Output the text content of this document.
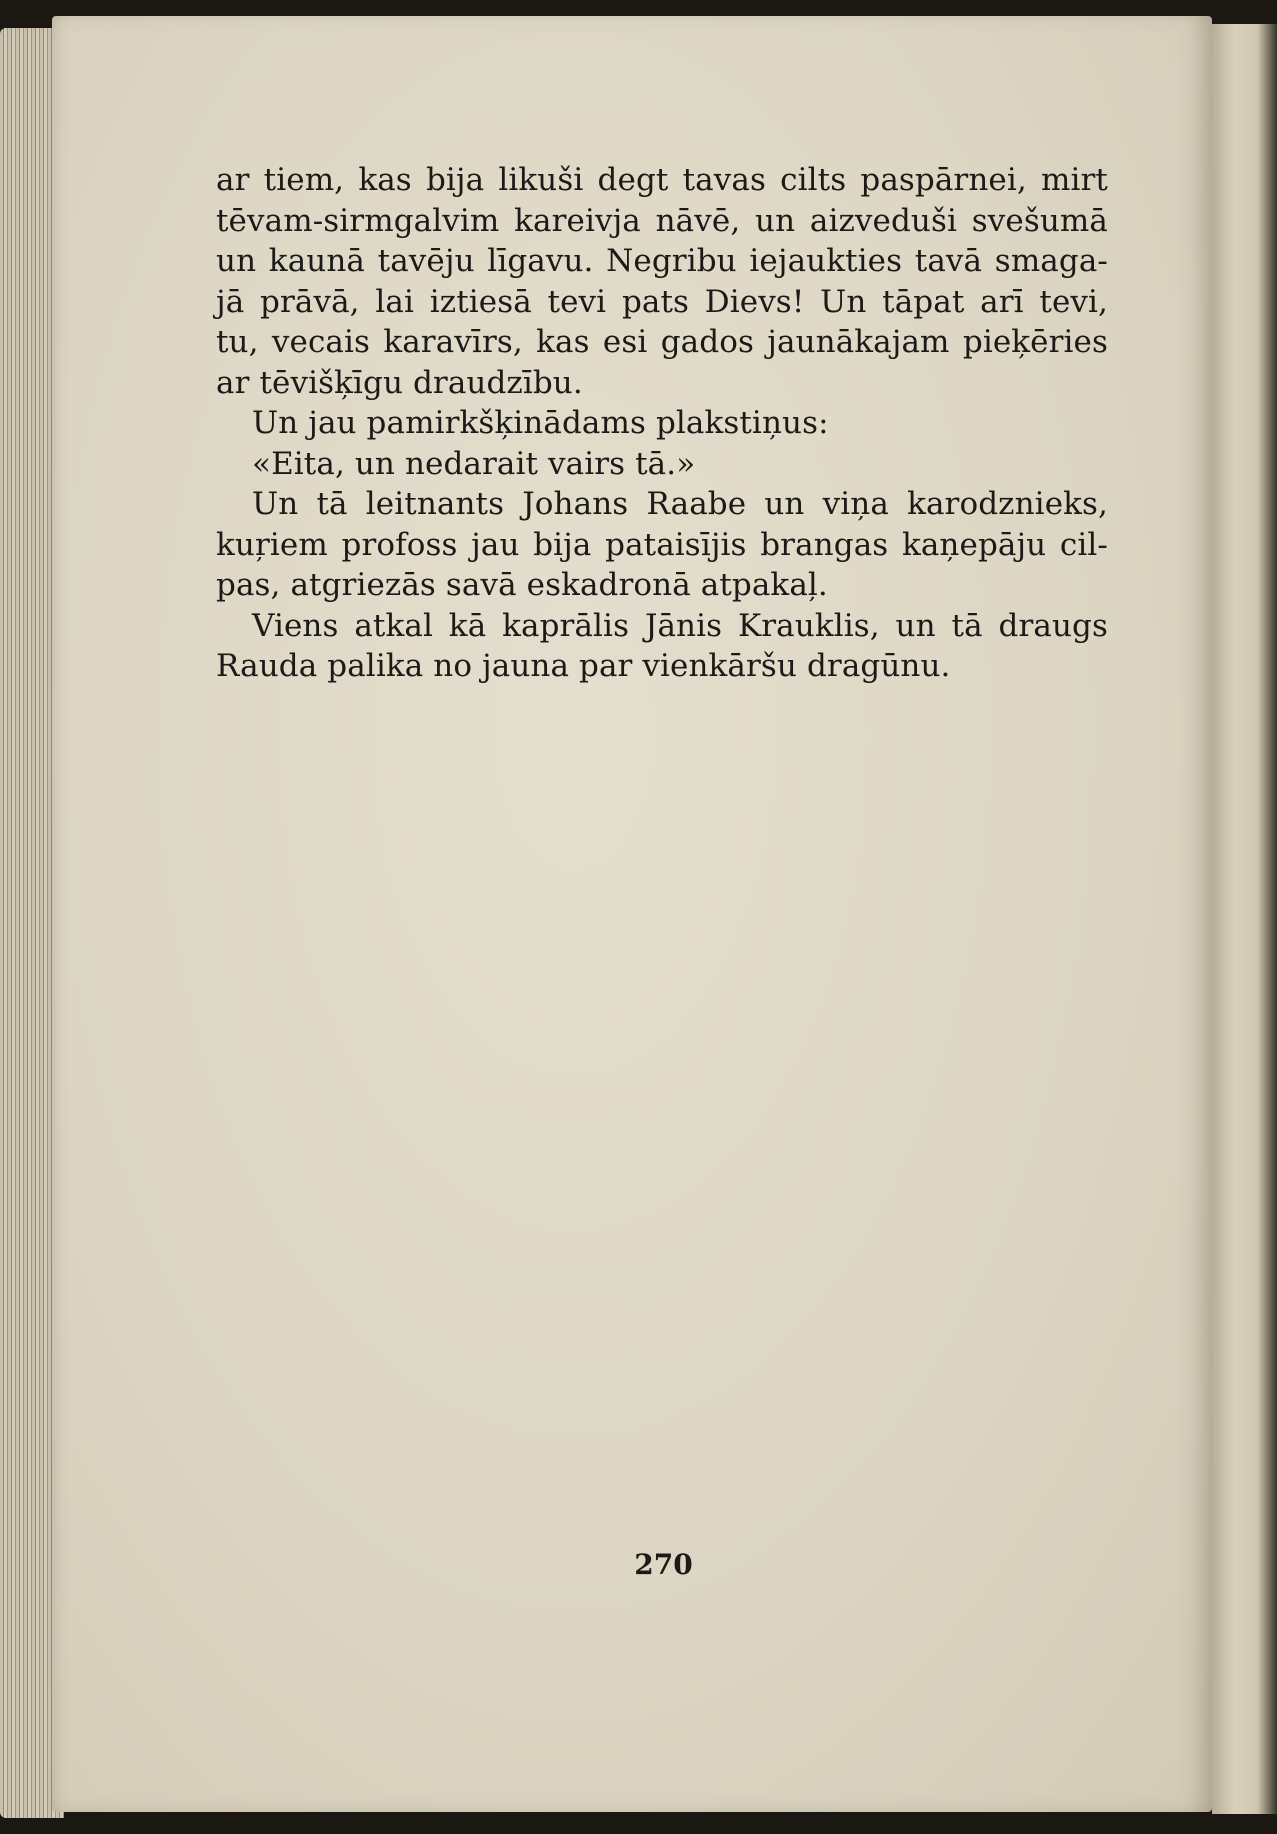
ar tiem, kas bija likuši degt tavas cilts paspārnei, mirt
tēvam-sirmgalvim kareivja nāvē, un aizveduši svešumā
un kaunā tavēju līgavu. Negribu iejaukties tavā smaga-
jā prāvā, lai iztiesā tevi pats Dievs! Un tāpat arī tevi,
tu, vecais karavīrs, kas esi gados jaunākajam pieķēries
ar tēvišķīgu draudzību.
Un jau pamirkšķinādams plakstiņus:
«Eita, un nedarait vairs tā.»
Un tā leitnants Johans Raabe un viņa karodznieks,
kuŗiem profoss jau bija pataisījis brangas kaņepāju cil-
pas, atgriezās savā eskadronā atpakaļ.
Viens atkal kā kaprālis Jānis Krauklis, un tā draugs
Rauda palika no jauna par vienkāršu dragūnu.
270
